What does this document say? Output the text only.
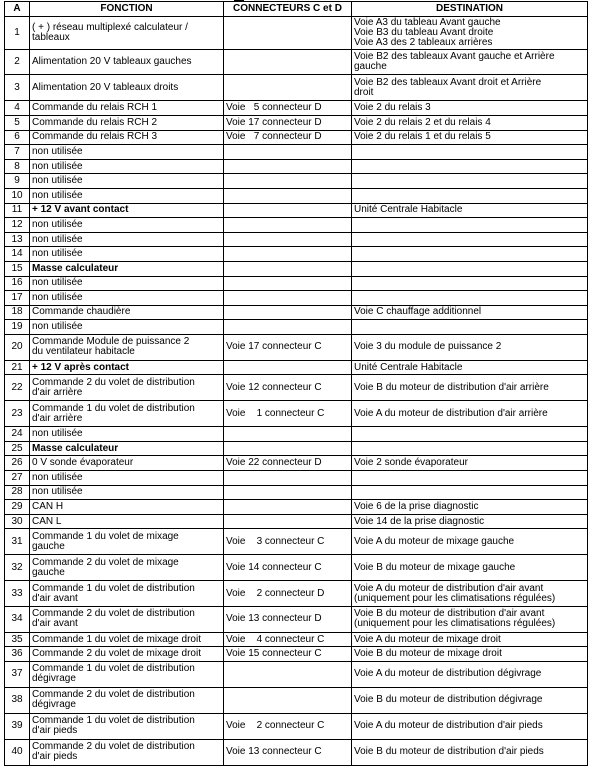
A	FONCTION	CONNECTEURS C et D	DESTINATION
1	( + ) réseau multiplexé calculateur /
tableaux		Voie A3 du tableau Avant gauche
Voie B3 du tableau Avant droite
Voie A3 des 2 tableaux arrières
2	Alimentation 20 V tableaux gauches		Voie B2 des tableaux Avant gauche et Arrière
gauche
3	Alimentation 20 V tableaux droits		Voie B2 des tableaux Avant droit et Arrière
droit
4	Commande du relais RCH 1	Voie   5 connecteur D	Voie 2 du relais 3
5	Commande du relais RCH 2	Voie 17 connecteur D	Voie 2 du relais 2 et du relais 4
6	Commande du relais RCH 3	Voie   7 connecteur D	Voie 2 du relais 1 et du relais 5
7	non utilisée		
8	non utilisée		
9	non utilisée		
10	non utilisée		
11	+ 12 V avant contact		Unité Centrale Habitacle
12	non utilisée		
13	non utilisée		
14	non utilisée		
15	Masse calculateur		
16	non utilisée		
17	non utilisée		
18	Commande chaudière		Voie C chauffage additionnel
19	non utilisée		
20	Commande Module de puissance 2
du ventilateur habitacle	Voie 17 connecteur C	Voie 3 du module de puissance 2
21	+ 12 V après contact		Unité Centrale Habitacle
22	Commande 2 du volet de distribution
d'air arrière	Voie 12 connecteur C	Voie B du moteur de distribution d'air arrière
23	Commande 1 du volet de distribution
d'air arrière	Voie    1 connecteur C	Voie A du moteur de distribution d'air arrière
24	non utilisée		
25	Masse calculateur		
26	0 V sonde évaporateur	Voie 22 connecteur D	Voie 2 sonde évaporateur
27	non utilisée		
28	non utilisée		
29	CAN H		Voie 6 de la prise diagnostic
30	CAN L		Voie 14 de la prise diagnostic
31	Commande 1 du volet de mixage
gauche	Voie    3 connecteur C	Voie A du moteur de mixage gauche
32	Commande 2 du volet de mixage
gauche	Voie 14 connecteur C	Voie B du moteur de mixage gauche
33	Commande 1 du volet de distribution
d'air avant	Voie    2 connecteur D	Voie A du moteur de distribution d'air avant
(uniquement pour les climatisations régulées)
34	Commande 2 du volet de distribution
d'air avant	Voie 13 connecteur D	Voie B du moteur de distribution d'air avant
(uniquement pour les climatisations régulées)
35	Commande 1 du volet de mixage droit	Voie    4 connecteur C	Voie A du moteur de mixage droit
36	Commande 2 du volet de mixage droit	Voie 15 connecteur C	Voie B du moteur de mixage droit
37	Commande 1 du volet de distribution
dégivrage		Voie A du moteur de distribution dégivrage
38	Commande 2 du volet de distribution
dégivrage		Voie B du moteur de distribution dégivrage
39	Commande 1 du volet de distribution
d'air pieds	Voie    2 connecteur C	Voie A du moteur de distribution d'air pieds
40	Commande 2 du volet de distribution
d'air pieds	Voie 13 connecteur C	Voie B du moteur de distribution d'air pieds
